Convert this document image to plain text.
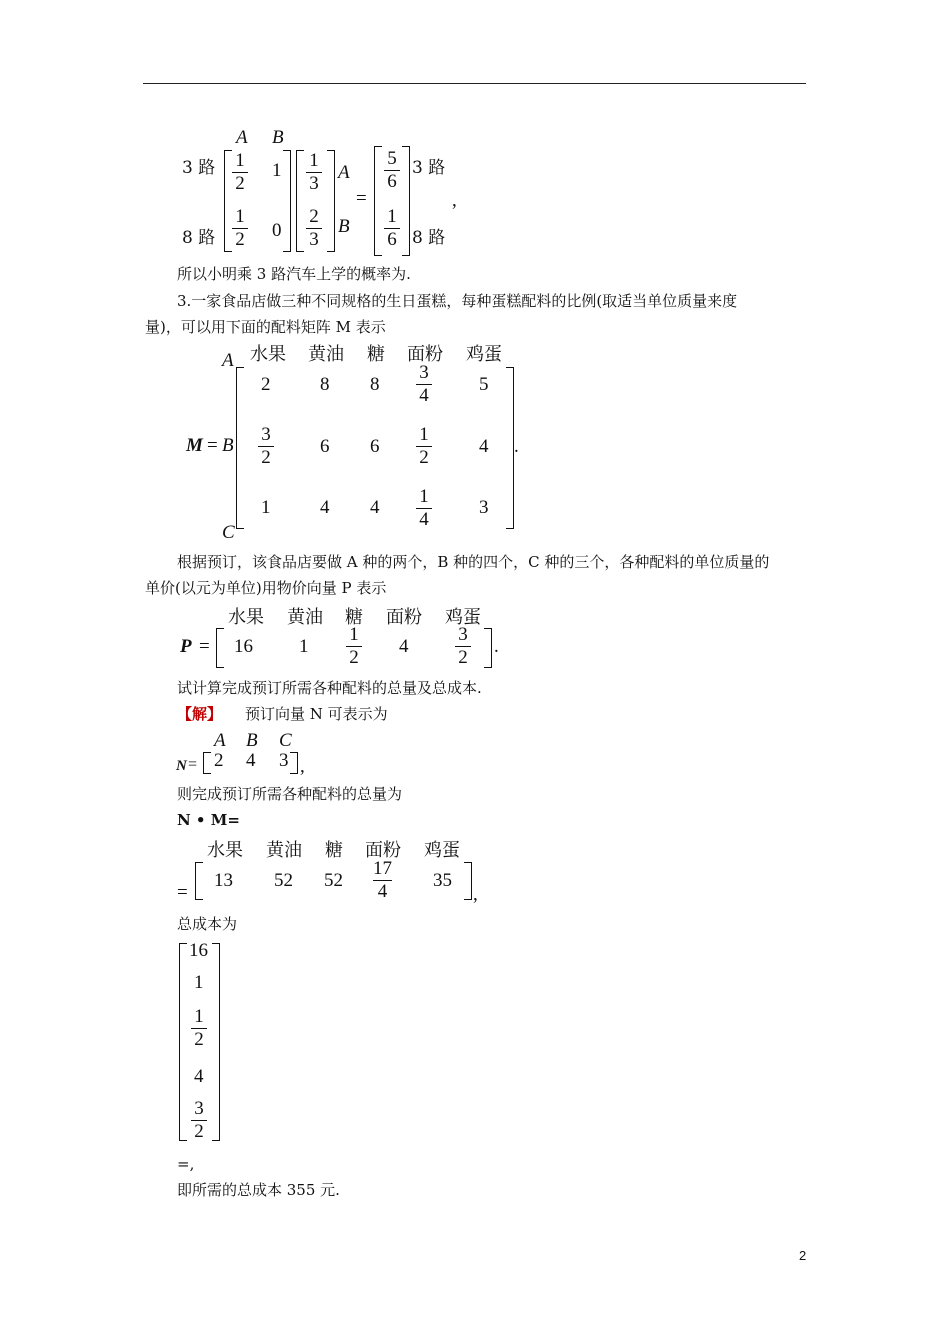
A B
3 路
8 路
1
2
1
1
2 0
1
3
2
3
A
B
=
5
6
1
6
3 路
8 路
,
所以小明乘 3 路汽车上学的概率为.
3.一家食品店做三种不同规格的生日蛋糕，每种蛋糕配料的比例(取适当单位质量来度
量)，可以用下面的配料矩阵 M 表示
水果 黄油 糖 面粉 鸡蛋
A
M = B
C
2	8 8
3
4
5
3
2
6 6
1
2
4 .
1	4 4
1
4
3
根据预订，该食品店要做 A 种的两个，B 种的四个，C 种的三个，各种配料的单位质量的
单价(以元为单位)用物价向量 P 表示
水果 黄油 糖 面粉 鸡蛋
P = 16 1
1
2
4
3
2
.
试计算完成预订所需各种配料的总量及总成本.
【解】 预订向量 N 可表示为
A B C
N = 2 4 3 ,
则完成预订所需各种配料的总量为
N • M=
水果 黄油 糖 面粉 鸡蛋
=
13 52 52
17
4
35
,
总成本为
16
1
1
2
4
3
2
=,
即所需的总成本 355 元.
2
